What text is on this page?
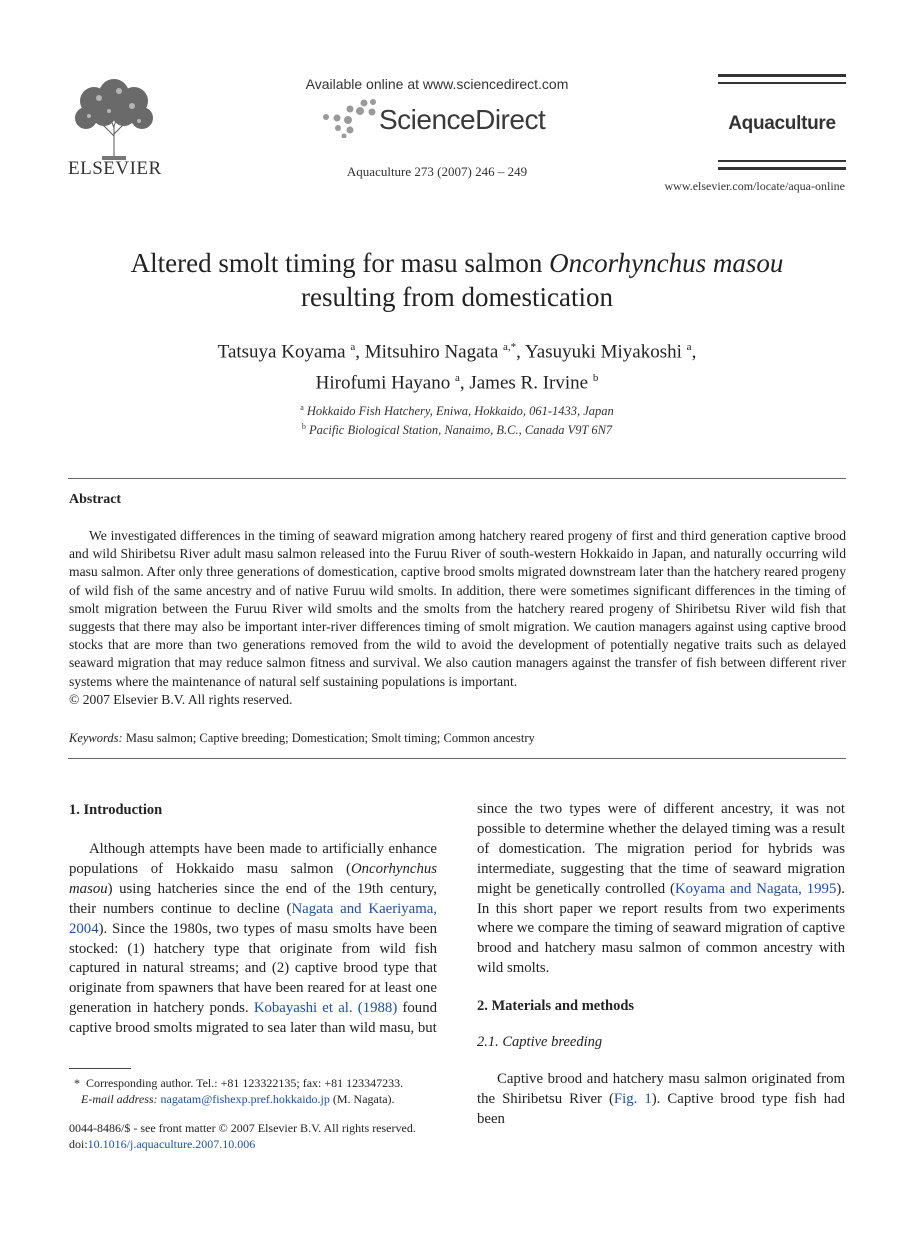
ELSEVIER
Available online at www.sciencedirect.com
ScienceDirect
Aquaculture 273 (2007) 246 – 249
Aquaculture
www.elsevier.com/locate/aqua-online
Altered smolt timing for masu salmon Oncorhynchus masou
resulting from domestication
Tatsuya Koyama $^a$, Mitsuhiro Nagata $^{a,*}$, Yasuyuki Miyakoshi $^a$,
Hirofumi Hayano $^a$, James R. Irvine $^b$
$^a$ Hokkaido Fish Hatchery, Eniwa, Hokkaido, 061-1433, Japan
$^b$ Pacific Biological Station, Nanaimo, B.C., Canada V9T 6N7
Abstract

We investigated differences in the timing of seaward migration among hatchery reared progeny of first and third generation captive brood and wild Shiribetsu River adult masu salmon released into the Furuu River of south-western Hokkaido in Japan, and naturally occurring wild masu salmon. After only three generations of domestication, captive brood smolts migrated downstream later than the hatchery reared progeny of wild fish of the same ancestry and of native Furuu wild smolts. In addition, there were sometimes significant differences in the timing of smolt migration between the Furuu River wild smolts and the smolts from the hatchery reared progeny of Shiribetsu River wild fish that suggests that there may also be important inter-river differences timing of smolt migration. We caution managers against using captive brood stocks that are more than two generations removed from the wild to avoid the development of potentially negative traits such as delayed seaward migration that may reduce salmon fitness and survival. We also caution managers against the transfer of fish between different river systems where the maintenance of natural self sustaining populations is important.

© 2007 Elsevier B.V. All rights reserved.
Keywords: Masu salmon; Captive breeding; Domestication; Smolt timing; Common ancestry
1. Introduction

Although attempts have been made to artificially enhance populations of Hokkaido masu salmon (Oncorhynchus masou) using hatcheries since the end of the 19th century, their numbers continue to decline (Nagata and Kaeriyama, 2004). Since the 1980s, two types of masu smolts have been stocked: (1) hatchery type that originate from wild fish captured in natural streams; and (2) captive brood type that originate from spawners that have been reared for at least one generation in hatchery ponds. Kobayashi et al. (1988) found captive brood smolts migrated to sea later than wild masu, but

*  Corresponding author. Tel.: +81 123322135; fax: +81 123347233.
E-mail address: nagatam@fishexp.pref.hokkaido.jp (M. Nagata).
0044-8486/$ - see front matter © 2007 Elsevier B.V. All rights reserved.
doi:10.1016/j.aquaculture.2007.10.006

since the two types were of different ancestry, it was not possible to determine whether the delayed timing was a result of domestication. The migration period for hybrids was intermediate, suggesting that the time of seaward migration might be genetically controlled (Koyama and Nagata, 1995). In this short paper we report results from two experiments where we compare the timing of seaward migration of captive brood and hatchery masu salmon of common ancestry with wild smolts.

2. Materials and methods
2.1. Captive breeding

Captive brood and hatchery masu salmon originated from the Shiribetsu River (Fig. 1). Captive brood type fish had been
